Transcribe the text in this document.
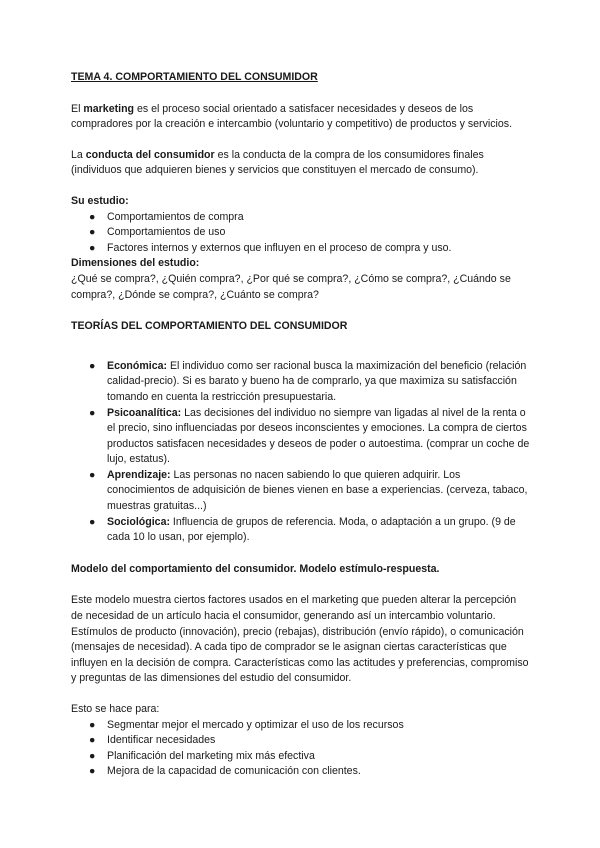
TEMA 4. COMPORTAMIENTO DEL CONSUMIDOR

El marketing es el proceso social orientado a satisfacer necesidades y deseos de los compradores por la creación e intercambio (voluntario y competitivo) de productos y servicios.

La conducta del consumidor es la conducta de la compra de los consumidores finales (individuos que adquieren bienes y servicios que constituyen el mercado de consumo).

Su estudio:

● Comportamientos de compra
● Comportamientos de uso
● Factores internos y externos que influyen en el proceso de compra y uso.

Dimensiones del estudio:

¿Qué se compra?, ¿Quién compra?, ¿Por qué se compra?, ¿Cómo se compra?, ¿Cuándo se compra?, ¿Dónde se compra?, ¿Cuánto se compra?

TEORÍAS DEL COMPORTAMIENTO DEL CONSUMIDOR

● Económica: El individuo como ser racional busca la maximización del beneficio (relación calidad-precio). Si es barato y bueno ha de comprarlo, ya que maximiza su satisfacción tomando en cuenta la restricción presupuestaria.
● Psicoanalítica: Las decisiones del individuo no siempre van ligadas al nivel de la renta o el precio, sino influenciadas por deseos inconscientes y emociones. La compra de ciertos productos satisfacen necesidades y deseos de poder o autoestima. (comprar un coche de lujo, estatus).
● Aprendizaje: Las personas no nacen sabiendo lo que quieren adquirir. Los conocimientos de adquisición de bienes vienen en base a experiencias. (cerveza, tabaco, muestras gratuitas...)
● Sociológica: Influencia de grupos de referencia. Moda, o adaptación a un grupo. (9 de cada 10 lo usan, por ejemplo).

Modelo del comportamiento del consumidor. Modelo estímulo-respuesta.

Este modelo muestra ciertos factores usados en el marketing que pueden alterar la percepción de necesidad de un artículo hacia el consumidor, generando así un intercambio voluntario. Estímulos de producto (innovación), precio (rebajas), distribución (envío rápido), o comunicación (mensajes de necesidad). A cada tipo de comprador se le asignan ciertas características que influyen en la decisión de compra. Características como las actitudes y preferencias, compromiso y preguntas de las dimensiones del estudio del consumidor.

Esto se hace para:

● Segmentar mejor el mercado y optimizar el uso de los recursos
● Identificar necesidades
● Planificación del marketing mix más efectiva
● Mejora de la capacidad de comunicación con clientes.
